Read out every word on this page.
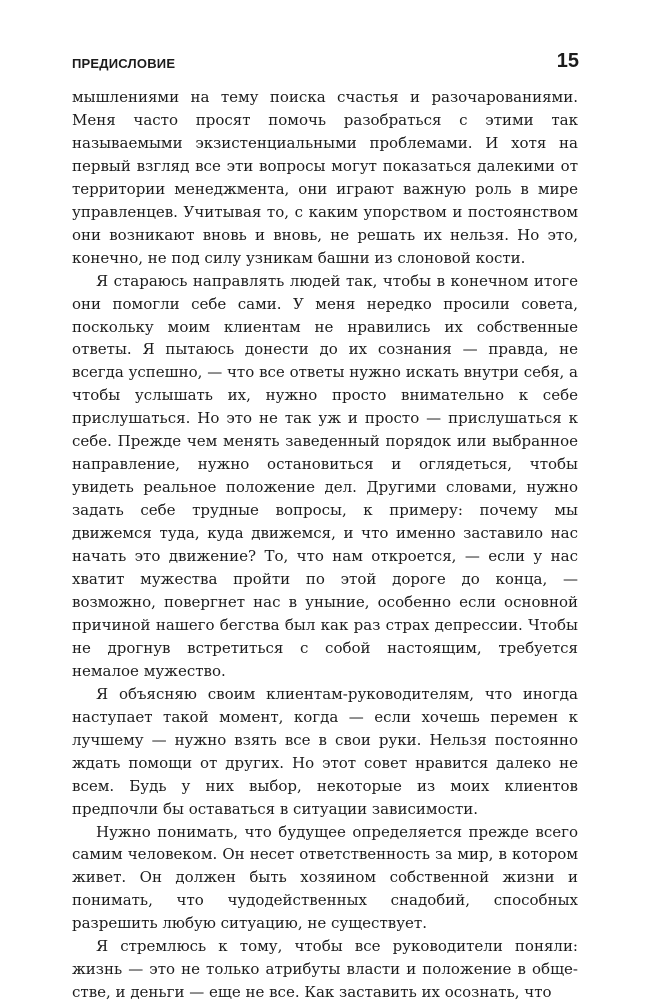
ПРЕДИСЛОВИЕ	15

мышлениями на тему поиска счастья и разочарованиями. Меня часто просят помочь разобраться с этими так называемыми экзистенциальными проблемами. И хотя на первый взгляд все эти вопросы могут показаться далекими от территории менеджмента, они играют важную роль в мире управленцев. Учитывая то, с каким упорством и постоянством они возникают вновь и вновь, не решать их нельзя. Но это, конечно, не под силу узникам башни из слоновой кости.

Я стараюсь направлять людей так, чтобы в конечном итоге они помогли себе сами. У меня нередко просили совета, поскольку моим клиентам не нравились их собственные ответы. Я пытаюсь донести до их сознания — правда, не всегда успешно, — что все ответы нужно искать внутри себя, а чтобы услышать их, нужно просто внимательно к себе прислушаться. Но это не так уж и просто — прислушаться к себе. Прежде чем менять заведенный порядок или выбранное направление, нужно остановиться и оглядеться, чтобы увидеть реальное положение дел. Другими словами, нужно задать себе трудные вопросы, к примеру: почему мы движемся туда, куда движемся, и что именно заставило нас начать это движение? То, что нам откроется, — если у нас хватит мужества пройти по этой дороге до конца, — возможно, повергнет нас в уныние, особенно если основной причиной нашего бегства был как раз страх депрессии. Чтобы не дрогнув встретиться с собой настоящим, требуется немалое мужество.

Я объясняю своим клиентам-руководителям, что иногда наступает такой момент, когда — если хочешь перемен к лучшему — нужно взять все в свои руки. Нельзя постоянно ждать помощи от других. Но этот совет нравится далеко не всем. Будь у них выбор, некоторые из моих клиентов предпочли бы оставаться в ситуации зависимости.

Нужно понимать, что будущее определяется прежде всего самим человеком. Он несет ответственность за мир, в котором живет. Он должен быть хозяином собственной жизни и понимать, что чудодейственных снадобий, способных разрешить любую ситуацию, не существует.

Я стремлюсь к тому, чтобы все руководители поняли: жизнь — это не только атрибуты власти и положение в обществе, и деньги — еще не все. Как заставить их осознать, что
